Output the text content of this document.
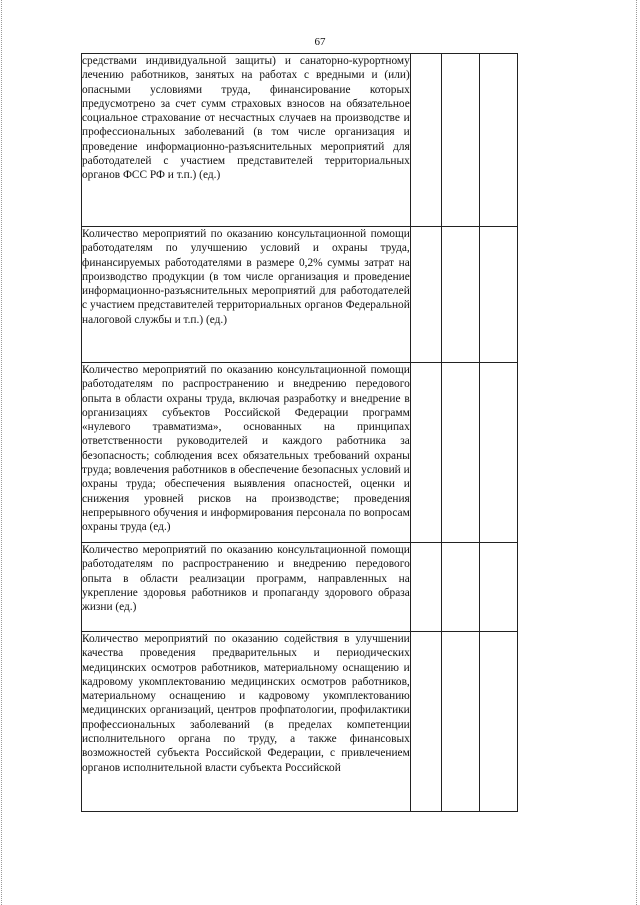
67
средствами индивидуальной защиты) и санаторно-курортному лечению работников, занятых на работах с вредными и (или) опасными условиями труда, финансирование которых предусмотрено за счет сумм страховых взносов на обязательное социальное страхование от несчастных случаев на производстве и профессиональных заболеваний (в том числе организация и проведение информационно-разъяснительных мероприятий для работодателей с участием представителей территориальных органов ФСС РФ и т.п.) (ед.)			
Количество мероприятий по оказанию консультационной помощи работодателям по улучшению условий и охраны труда, финансируемых работодателями в размере 0,2% суммы затрат на производство продукции (в том числе организация и проведение информационно-разъяснительных мероприятий для работодателей с участием представителей территориальных органов Федеральной налоговой службы и т.п.) (ед.)			
Количество мероприятий по оказанию консультационной помощи работодателям по распространению и внедрению передового опыта в области охраны труда, включая разработку и внедрение в организациях субъектов Российской Федерации программ «нулевого травматизма», основанных на принципах ответственности руководителей и каждого работника за безопасность; соблюдения всех обязательных требований охраны труда; вовлечения работников в обеспечение безопасных условий и охраны труда; обеспечения выявления опасностей, оценки и снижения уровней рисков на производстве; проведения непрерывного обучения и информирования персонала по вопросам охраны труда (ед.)			
Количество мероприятий по оказанию консультационной помощи работодателям по распространению и внедрению передового опыта в области реализации программ, направленных на укрепление здоровья работников и пропаганду здорового образа жизни (ед.)			
Количество мероприятий по оказанию содействия в улучшении качества проведения предварительных и периодических медицинских осмотров работников, материальному оснащению и кадровому укомплектованию медицинских осмотров работников, материальному оснащению и кадровому укомплектованию медицинских организаций, центров профпатологии, профилактики профессиональных заболеваний (в пределах компетенции исполнительного органа по труду, а также финансовых возможностей субъекта Российской Федерации, с привлечением органов исполнительной власти субъекта Российской			
